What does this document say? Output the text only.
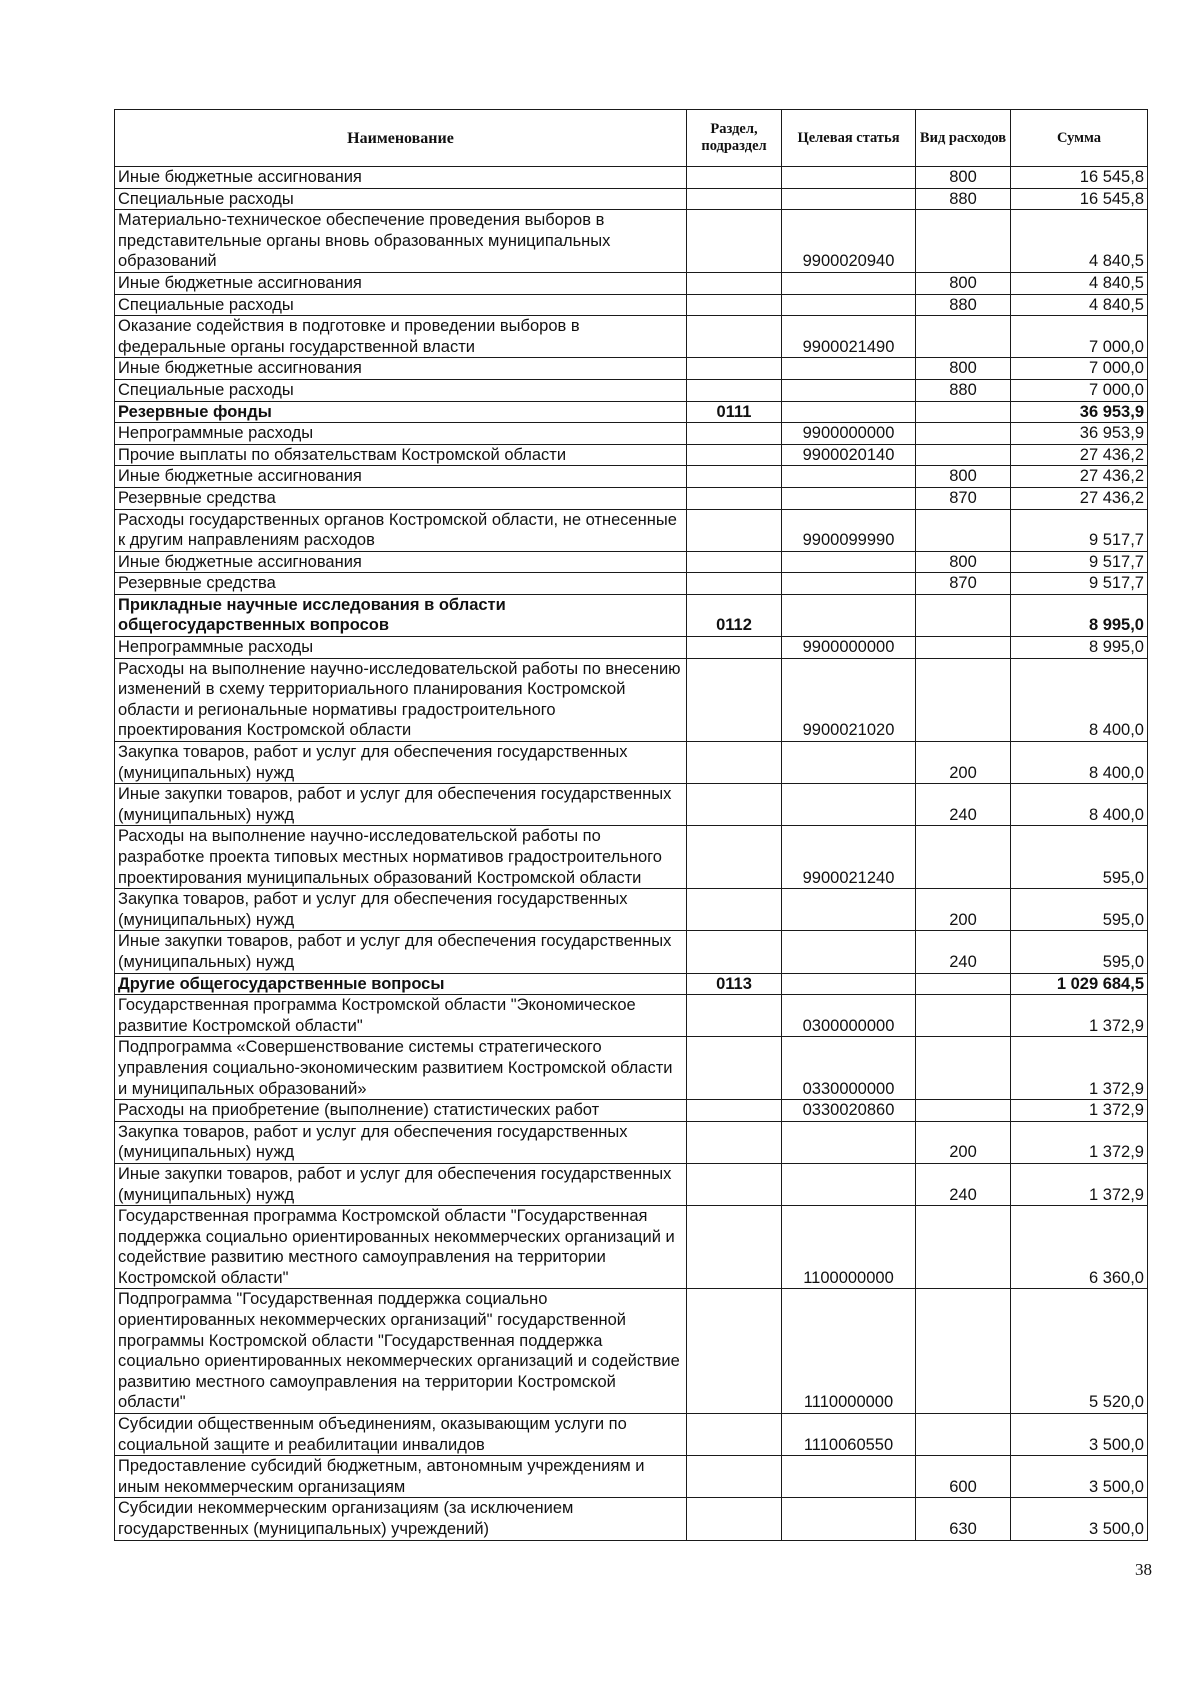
Наименование	Раздел, подраздел	Целевая статья	Вид расходов	Сумма
Иные бюджетные ассигнования			800	16 545,8
Специальные расходы			880	16 545,8
Материально-техническое обеспечение проведения выборов в представительные органы вновь образованных муниципальных образований		9900020940		4 840,5
Иные бюджетные ассигнования			800	4 840,5
Специальные расходы			880	4 840,5
Оказание содействия в подготовке и проведении выборов в федеральные органы государственной власти		9900021490		7 000,0
Иные бюджетные ассигнования			800	7 000,0
Специальные расходы			880	7 000,0
Резервные фонды	0111			36 953,9
Непрограммные расходы		9900000000		36 953,9
Прочие выплаты по обязательствам Костромской области		9900020140		27 436,2
Иные бюджетные ассигнования			800	27 436,2
Резервные средства			870	27 436,2
Расходы государственных органов Костромской области, не отнесенные к другим направлениям расходов		9900099990		9 517,7
Иные бюджетные ассигнования			800	9 517,7
Резервные средства			870	9 517,7
Прикладные научные исследования в области общегосударственных вопросов	0112			8 995,0
Непрограммные расходы		9900000000		8 995,0
Расходы на выполнение научно-исследовательской работы по внесению изменений в схему территориального планирования Костромской области и региональные нормативы градостроительного проектирования Костромской области		9900021020		8 400,0
Закупка товаров, работ и услуг для обеспечения государственных (муниципальных) нужд			200	8 400,0
Иные закупки товаров, работ и услуг для обеспечения государственных (муниципальных) нужд			240	8 400,0
Расходы на выполнение научно-исследовательской работы по разработке проекта типовых местных нормативов градостроительного проектирования муниципальных образований Костромской области		9900021240		595,0
Закупка товаров, работ и услуг для обеспечения государственных (муниципальных) нужд			200	595,0
Иные закупки товаров, работ и услуг для обеспечения государственных (муниципальных) нужд			240	595,0
Другие общегосударственные вопросы	0113			1 029 684,5
Государственная программа Костромской области "Экономическое развитие Костромской области"		0300000000		1 372,9
Подпрограмма «Совершенствование системы стратегического управления социально-экономическим развитием Костромской области и муниципальных образований»		0330000000		1 372,9
Расходы на приобретение (выполнение) статистических работ		0330020860		1 372,9
Закупка товаров, работ и услуг для обеспечения государственных (муниципальных) нужд			200	1 372,9
Иные закупки товаров, работ и услуг для обеспечения государственных (муниципальных) нужд			240	1 372,9
Государственная программа Костромской области "Государственная поддержка социально ориентированных некоммерческих организаций и содействие развитию местного самоуправления на территории Костромской области"		1100000000		6 360,0
Подпрограмма "Государственная поддержка социально ориентированных некоммерческих организаций" государственной программы Костромской области "Государственная поддержка социально ориентированных некоммерческих организаций и содействие развитию местного самоуправления на территории Костромской области"		1110000000		5 520,0
Субсидии общественным объединениям, оказывающим услуги по социальной защите и реабилитации инвалидов		1110060550		3 500,0
Предоставление субсидий бюджетным, автономным учреждениям и иным некоммерческим организациям			600	3 500,0
Субсидии некоммерческим организациям (за исключением государственных (муниципальных) учреждений)			630	3 500,0
38
